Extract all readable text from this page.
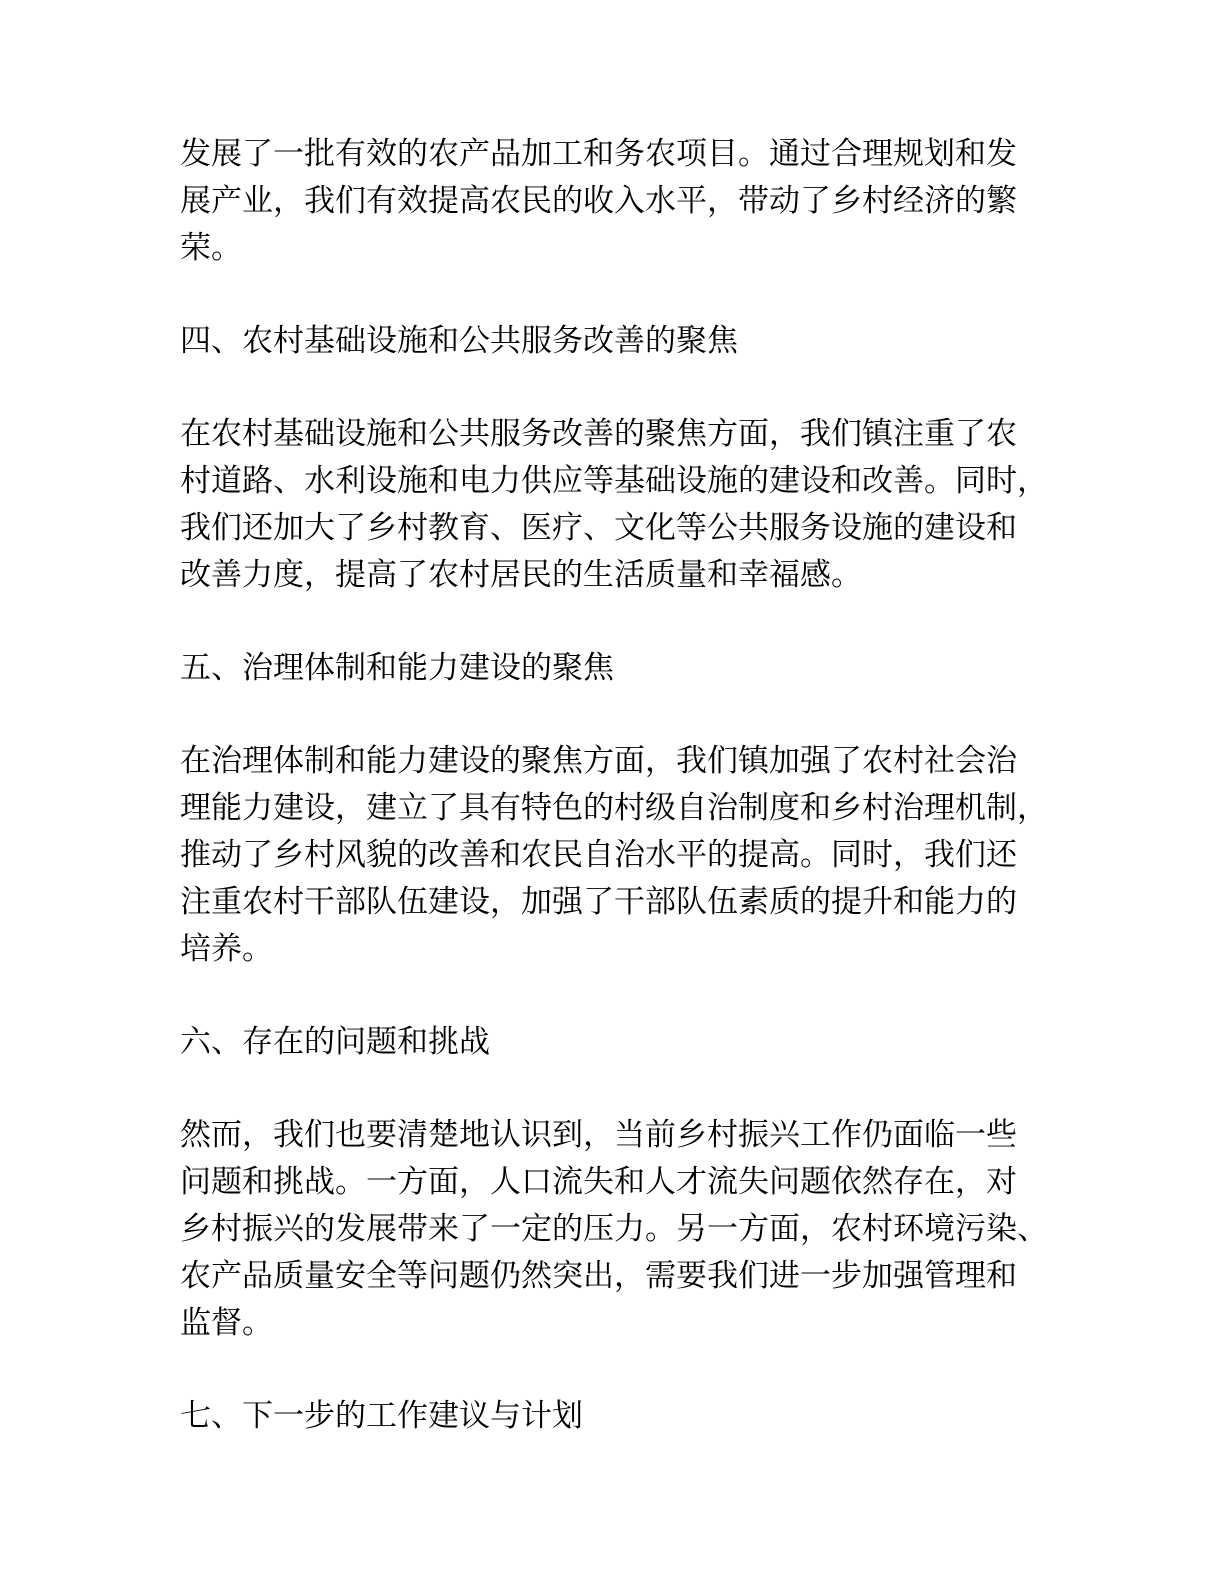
发展了一批有效的农产品加工和务农项目。通过合理规划和发
展产业，我们有效提高农民的收入水平，带动了乡村经济的繁
荣。

四、农村基础设施和公共服务改善的聚焦

在农村基础设施和公共服务改善的聚焦方面，我们镇注重了农
村道路、水利设施和电力供应等基础设施的建设和改善。同时，
我们还加大了乡村教育、医疗、文化等公共服务设施的建设和
改善力度，提高了农村居民的生活质量和幸福感。

五、治理体制和能力建设的聚焦

在治理体制和能力建设的聚焦方面，我们镇加强了农村社会治
理能力建设，建立了具有特色的村级自治制度和乡村治理机制，
推动了乡村风貌的改善和农民自治水平的提高。同时，我们还
注重农村干部队伍建设，加强了干部队伍素质的提升和能力的
培养。

六、存在的问题和挑战

然而，我们也要清楚地认识到，当前乡村振兴工作仍面临一些
问题和挑战。一方面，人口流失和人才流失问题依然存在，对
乡村振兴的发展带来了一定的压力。另一方面，农村环境污染、
农产品质量安全等问题仍然突出，需要我们进一步加强管理和
监督。

七、下一步的工作建议与计划
